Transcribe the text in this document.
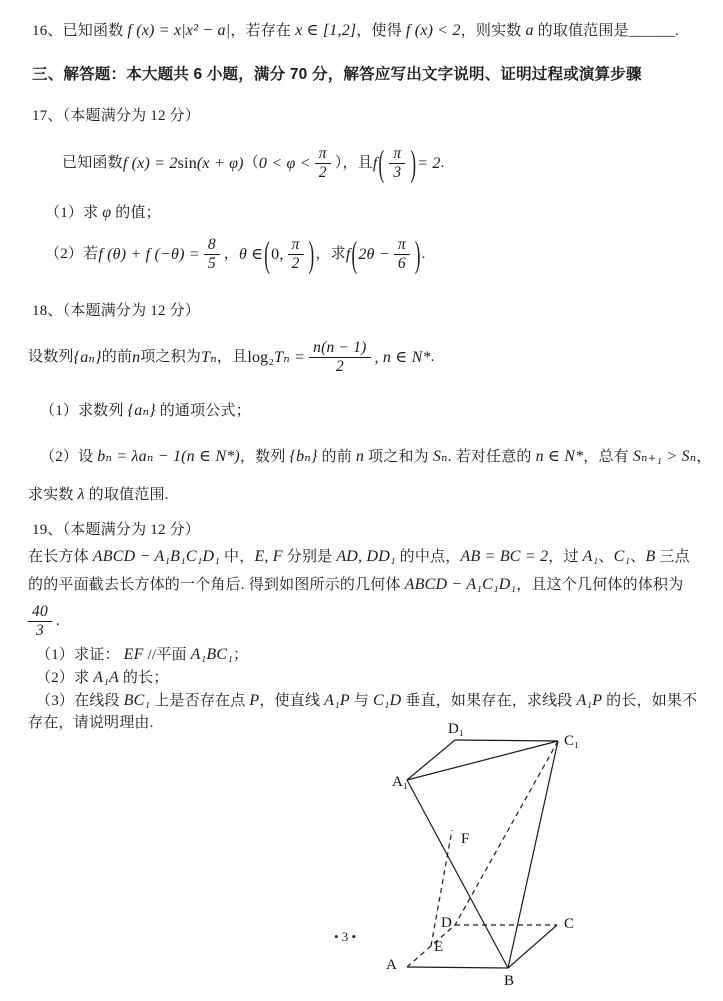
16、已知函数 f (x) = x|x² − a|，若存在 x ∈ [1,2]，使得 f (x) < 2，则实数 a 的取值范围是______.
三、解答题：本大题共 6 小题，满分 70 分，解答应写出文字说明、证明过程或演算步骤
17、（本题满分为 12 分）
已知函数 f (x) = 2 sin (x + φ) （ $0 < \varphi < \frac{\pi}{2}$ ），且 f ( $\frac{\pi}{3}$ ) = 2 .
（1）求 φ 的值；
（2）若 f (θ) + f $(-\theta) = \frac{8}{5}$ ， θ ∈ ( 0, $\frac{\pi}{2}$ ) ，求 f ( $2\theta - \frac{\pi}{6}$ ) .
18、（本题满分为 12 分）
设数列 {aₙ} 的前 n 项之积为 Tₙ ，且 log₂ $T_n = \frac{n(n - 1)}{2}$ , n ∈ N* .
（1）求数列 {aₙ} 的通项公式；
（2）设 bₙ = λaₙ − 1(n ∈ N*)，数列 {bₙ} 的前 n 项之和为 Sₙ. 若对任意的 n ∈ N*，总有 Sₙ₊₁ > Sₙ，
求实数 λ 的取值范围.
19、（本题满分为 12 分）
在长方体 ABCD − A₁B₁C₁D₁ 中，E, F 分别是 AD, DD₁ 的中点，AB = BC = 2，过 A₁、C₁、B 三点
的的平面截去长方体的一个角后. 得到如图所示的几何体 ABCD − A₁C₁D₁，且这个几何体的体积为
$\frac{40}{3}$ .
（1）求证： EF //平面 A₁BC₁；
（2）求 A₁A 的长；
（3）在线段 BC₁ 上是否存在点 P，使直线 A₁P 与 C₁D 垂直，如果存在，求线段 A₁P 的长，如果不
存在，请说明理由.	D₁
C₁
A₁
F
D	C
E
A
B
• 3 •
